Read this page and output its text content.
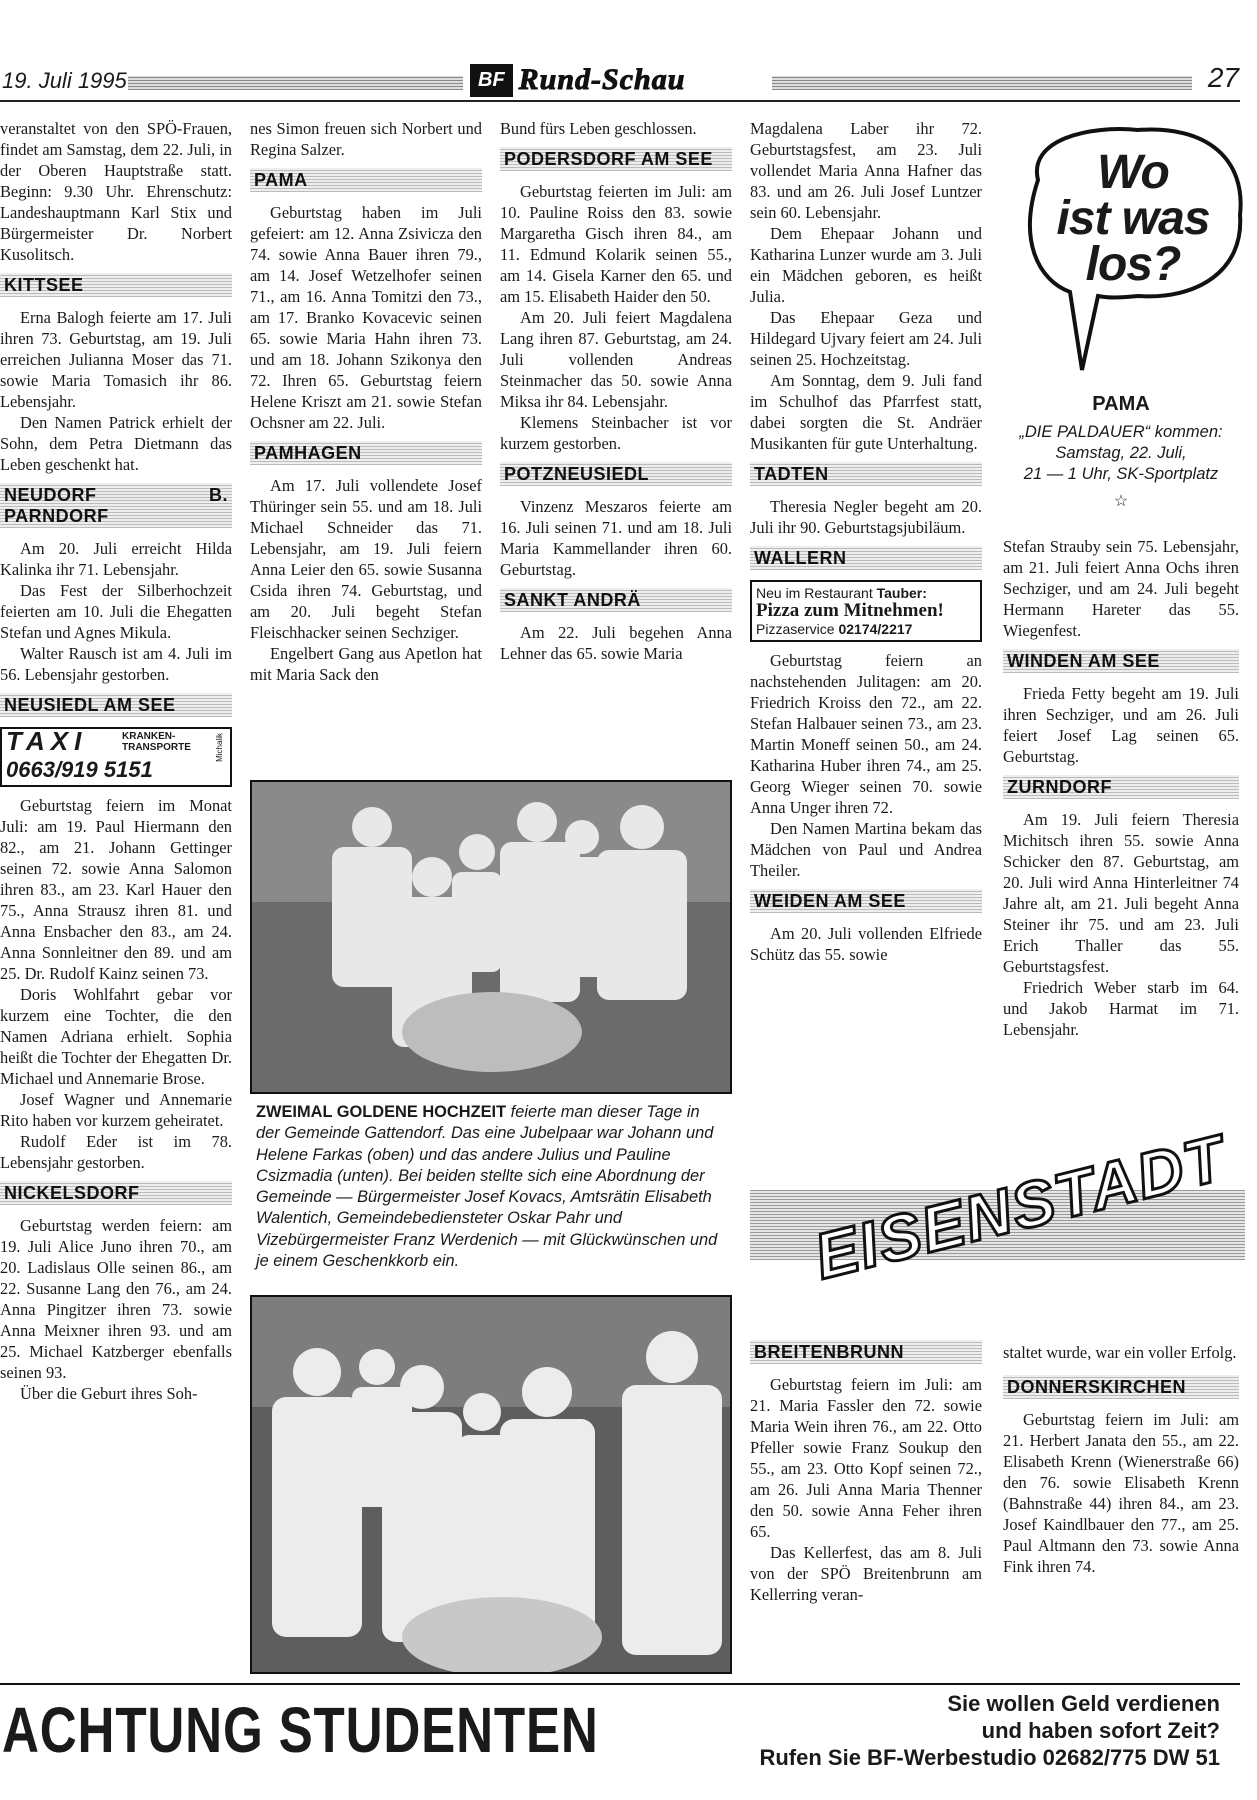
19. Juli 1995	BF Rund-Schau	27

veranstaltet von den SPÖ-Frauen, findet am Samstag, dem 22. Juli, in der Oberen Hauptstraße statt. Beginn: 9.30 Uhr. Ehrenschutz: Landeshauptmann Karl Stix und Bürgermeister Dr. Norbert Kusolitsch.

KITTSEE

Erna Balogh feierte am 17. Juli ihren 73. Geburtstag, am 19. Juli erreichen Julianna Moser das 71. sowie Maria Tomasich ihr 86. Lebensjahr.

Den Namen Patrick erhielt der Sohn, dem Petra Dietmann das Leben geschenkt hat.

NEUDORF B. PARNDORF

Am 20. Juli erreicht Hilda Kalinka ihr 71. Lebensjahr.

Das Fest der Silberhochzeit feierten am 10. Juli die Ehegatten Stefan und Agnes Mikula.

Walter Rausch ist am 4. Juli im 56. Lebensjahr gestorben.

NEUSIEDL AM SEE
TAXI	KRANKEN-
TRANSPORTE
0663/919 5151
Michalik

Geburtstag feiern im Monat Juli: am 19. Paul Hiermann den 82., am 21. Johann Gettinger seinen 72. sowie Anna Salomon ihren 83., am 23. Karl Hauer den 75., Anna Strausz ihren 81. und Anna Ensbacher den 83., am 24. Anna Sonnleitner den 89. und am 25. Dr. Rudolf Kainz seinen 73.

Doris Wohlfahrt gebar vor kurzem eine Tochter, die den Namen Adriana erhielt. Sophia heißt die Tochter der Ehegatten Dr. Michael und Annemarie Brose.

Josef Wagner und Annemarie Rito haben vor kurzem geheiratet.

Rudolf Eder ist im 78. Lebensjahr gestorben.

NICKELSDORF

Geburtstag werden feiern: am 19. Juli Alice Juno ihren 70., am 20. Ladislaus Olle seinen 86., am 22. Susanne Lang den 76., am 24. Anna Pingitzer ihren 73. sowie Anna Meixner ihren 93. und am 25. Michael Katzberger ebenfalls seinen 93.

Über die Geburt ihres Soh-

nes Simon freuen sich Norbert und Regina Salzer.

PAMA

Geburtstag haben im Juli gefeiert: am 12. Anna Zsivicza den 74. sowie Anna Bauer ihren 79., am 14. Josef Wetzelhofer seinen 71., am 16. Anna Tomitzi den 73., am 17. Branko Kovacevic seinen 65. sowie Maria Hahn ihren 73. und am 18. Johann Szikonya den 72. Ihren 65. Geburtstag feiern Helene Kriszt am 21. sowie Stefan Ochsner am 22. Juli.

PAMHAGEN

Am 17. Juli vollendete Josef Thüringer sein 55. und am 18. Juli Michael Schneider das 71. Lebensjahr, am 19. Juli feiern Anna Leier den 65. sowie Susanna Csida ihren 74. Geburtstag, und am 20. Juli begeht Stefan Fleischhacker seinen Sechziger.

Engelbert Gang aus Apetlon hat mit Maria Sack den

Bund fürs Leben geschlossen.

PODERSDORF AM SEE

Geburtstag feierten im Juli: am 10. Pauline Roiss den 83. sowie Margaretha Gisch ihren 84., am 11. Edmund Kolarik seinen 55., am 14. Gisela Karner den 65. und am 15. Elisabeth Haider den 50.

Am 20. Juli feiert Magdalena Lang ihren 87. Geburtstag, am 24. Juli vollenden Andreas Steinmacher das 50. sowie Anna Miksa ihr 84. Lebensjahr.

Klemens Steinbacher ist vor kurzem gestorben.

POTZNEUSIEDL

Vinzenz Meszaros feierte am 16. Juli seinen 71. und am 18. Juli Maria Kammellander ihren 60. Geburtstag.

SANKT ANDRÄ

Am 22. Juli begehen Anna Lehner das 65. sowie Maria

ZWEIMAL GOLDENE HOCHZEIT feierte man dieser Tage in der Gemeinde Gattendorf. Das eine Jubelpaar war Johann und Helene Farkas (oben) und das andere Julius und Pauline Csizmadia (unten). Bei beiden stellte sich eine Abordnung der Gemeinde — Bürgermeister Josef Kovacs, Amtsrätin Elisabeth Walentich, Gemeindebediensteter Oskar Pahr und Vizebürgermeister Franz Werdenich — mit Glückwünschen und je einem Geschenkkorb ein.

Magdalena Laber ihr 72. Geburtstagsfest, am 23. Juli vollendet Maria Anna Hafner das 83. und am 26. Juli Josef Luntzer sein 60. Lebensjahr.

Dem Ehepaar Johann und Katharina Lunzer wurde am 3. Juli ein Mädchen geboren, es heißt Julia.

Das Ehepaar Geza und Hildegard Ujvary feiert am 24. Juli seinen 25. Hochzeitstag.

Am Sonntag, dem 9. Juli fand im Schulhof das Pfarrfest statt, dabei sorgten die St. Andräer Musikanten für gute Unterhaltung.

TADTEN

Theresia Negler begeht am 20. Juli ihr 90. Geburtstagsjubiläum.

WALLERN
Neu im Restaurant Tauber:
Pizza zum Mitnehmen!
Pizzaservice 02174/2217

Geburtstag feiern an nachstehenden Julitagen: am 20. Friedrich Kroiss den 72., am 22. Stefan Halbauer seinen 73., am 23. Martin Moneff seinen 50., am 24. Katharina Huber ihren 74., am 25. Georg Wieger seinen 70. sowie Anna Unger ihren 72.

Den Namen Martina bekam das Mädchen von Paul und Andrea Theiler.

WEIDEN AM SEE

Am 20. Juli vollenden Elfriede Schütz das 55. sowie

Wo
ist was
los?
PAMA
„DIE PALDAUER“ kommen:
Samstag, 22. Juli,
21 — 1 Uhr, SK-Sportplatz
☆

Stefan Strauby sein 75. Lebensjahr, am 21. Juli feiert Anna Ochs ihren Sechziger, und am 24. Juli begeht Hermann Hareter das 55. Wiegenfest.

WINDEN AM SEE

Frieda Fetty begeht am 19. Juli ihren Sechziger, und am 26. Juli feiert Josef Lag seinen 65. Geburtstag.

ZURNDORF

Am 19. Juli feiern Theresia Michitsch ihren 55. sowie Anna Schicker den 87. Geburtstag, am 20. Juli wird Anna Hinterleitner 74 Jahre alt, am 21. Juli begeht Anna Steiner ihr 75. und am 23. Juli Erich Thaller das 55. Geburtstagsfest.

Friedrich Weber starb im 64. und Jakob Harmat im 71. Lebensjahr.

EISENSTADT
BREITENBRUNN

Geburtstag feiern im Juli: am 21. Maria Fassler den 72. sowie Maria Wein ihren 76., am 22. Otto Pfeller sowie Franz Soukup den 55., am 23. Otto Kopf seinen 72., am 26. Juli Anna Maria Thenner den 50. sowie Anna Feher ihren 65.

Das Kellerfest, das am 8. Juli von der SPÖ Breitenbrunn am Kellerring veran-

staltet wurde, war ein voller Erfolg.

DONNERSKIRCHEN

Geburtstag feiern im Juli: am 21. Herbert Janata den 55., am 22. Elisabeth Krenn (Wienerstraße 66) den 76. sowie Elisabeth Krenn (Bahnstraße 44) ihren 84., am 23. Josef Kaindlbauer den 77., am 25. Paul Altmann den 73. sowie Anna Fink ihren 74.

ACHTUNG STUDENTEN	Sie wollen Geld verdienen
und haben sofort Zeit?
Rufen Sie BF-Werbestudio 02682/775 DW 51
